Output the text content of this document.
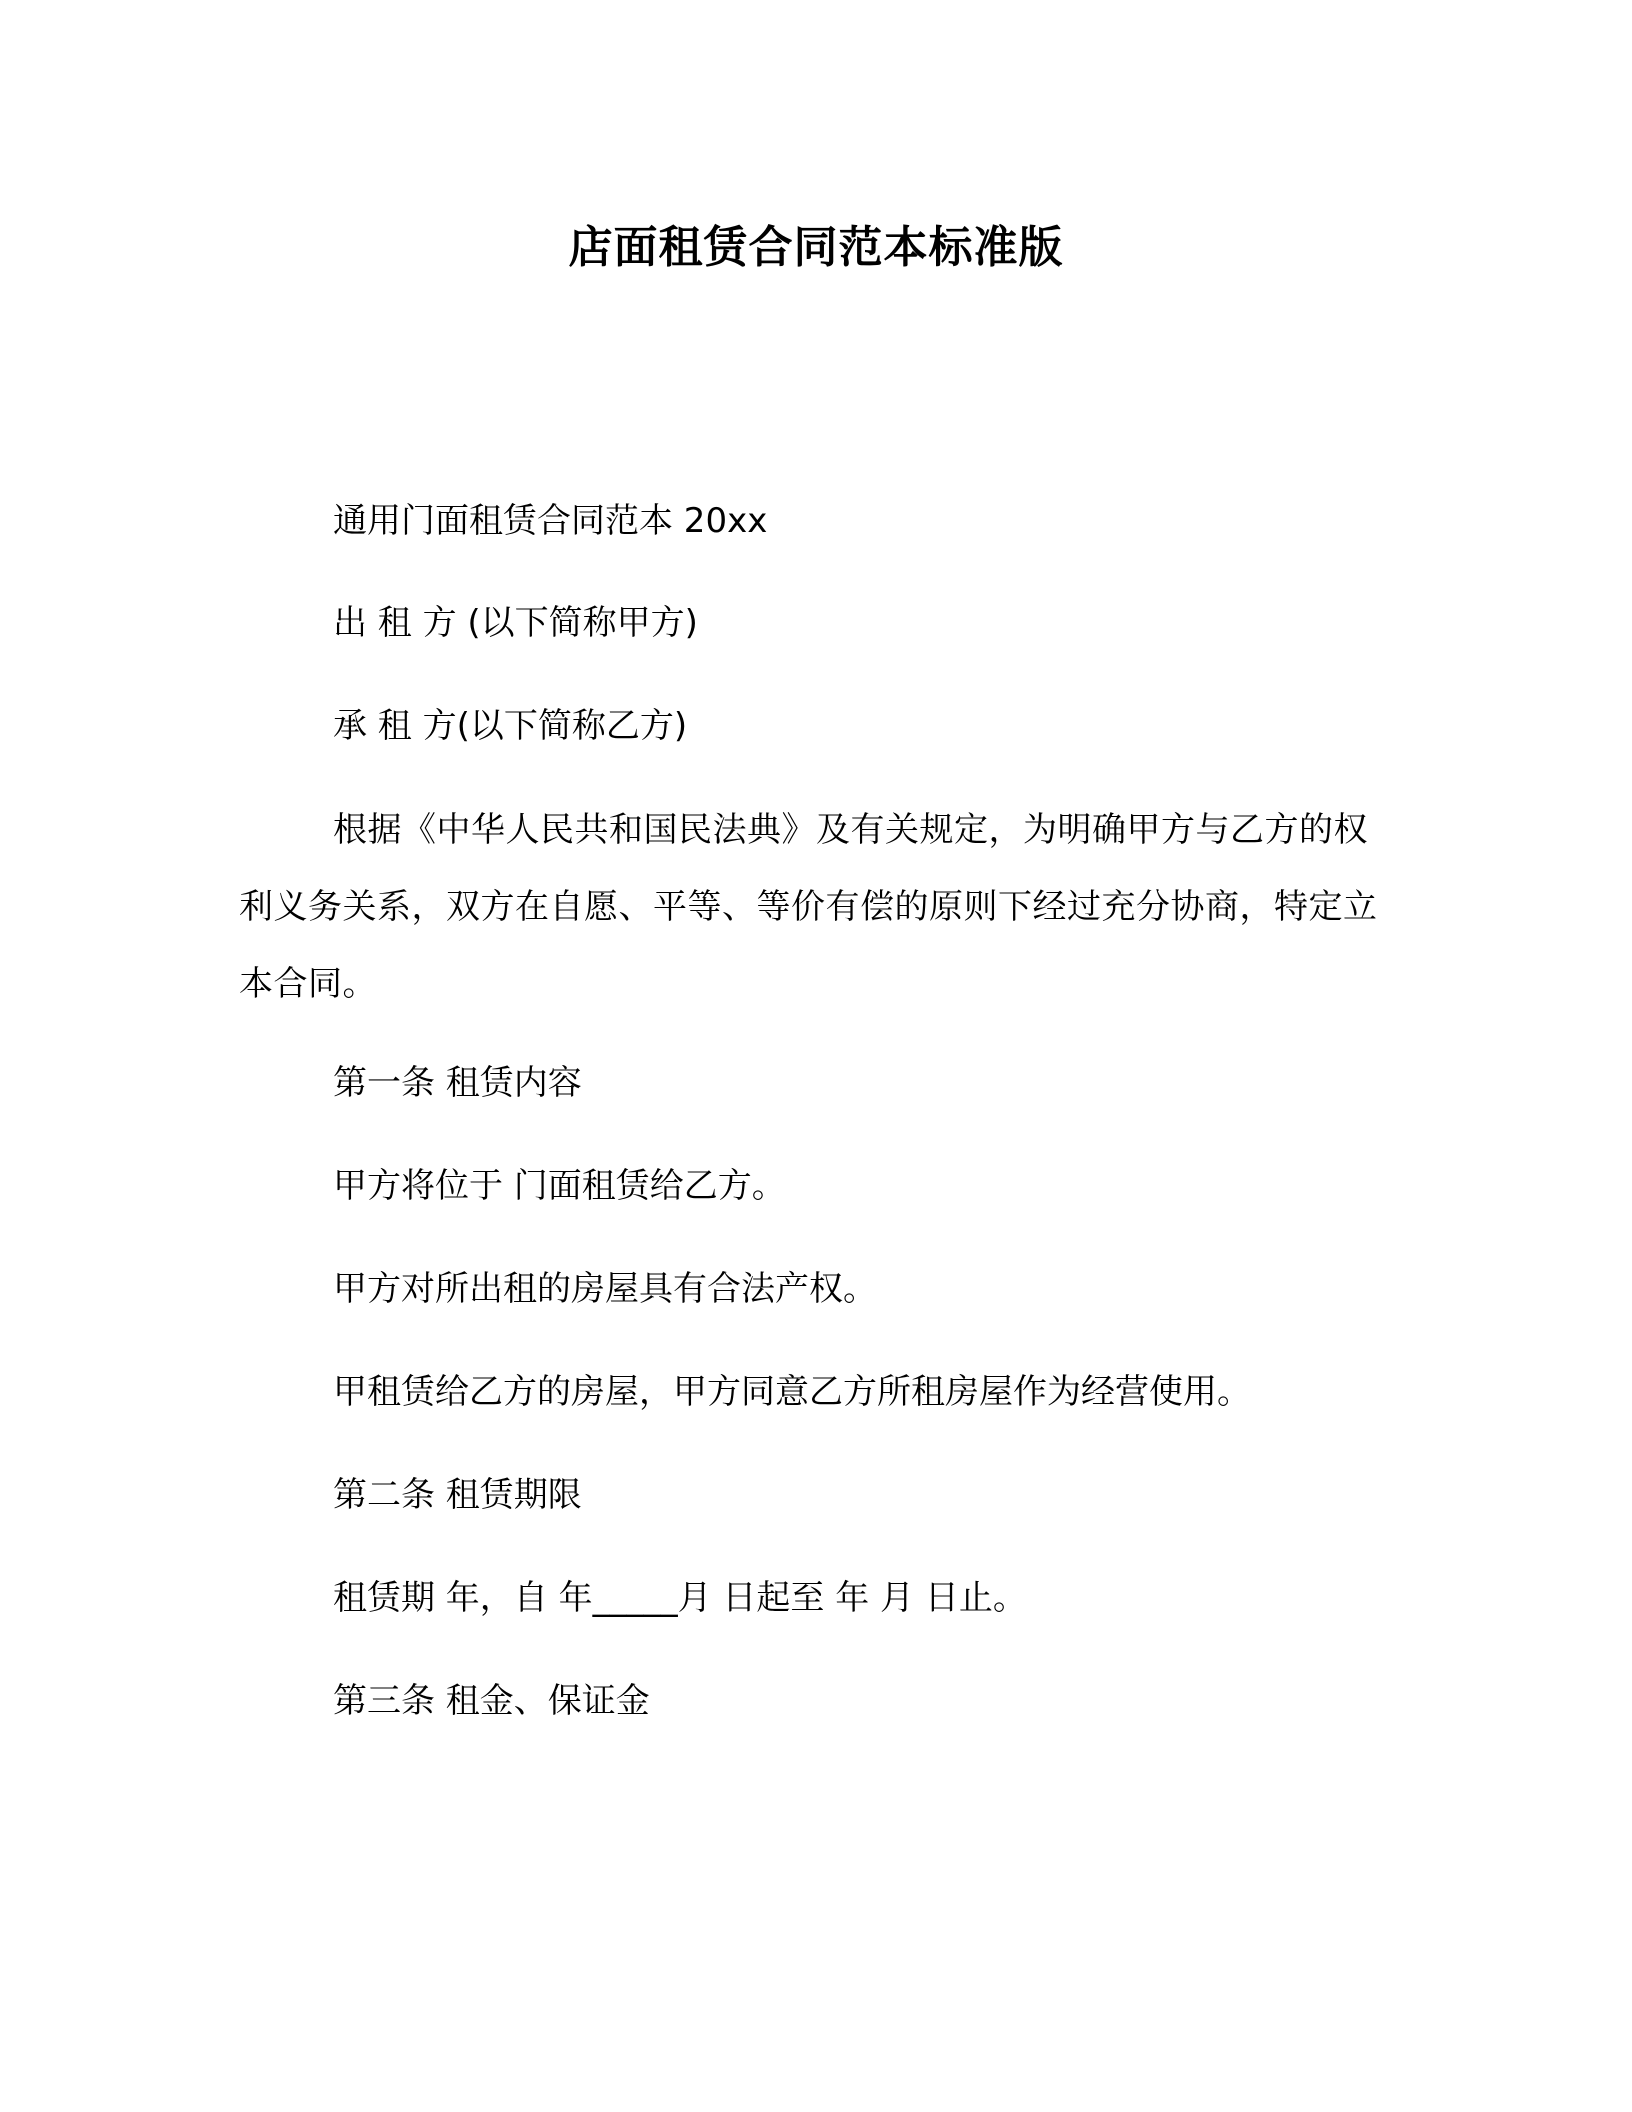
店面租赁合同范本标准版

通用门面租赁合同范本 20xx

出 租 方 (以下简称甲方)

承 租 方(以下简称乙方)

根据《中华人民共和国民法典》及有关规定，为明确甲方与乙方的权利义务关系，双方在自愿、平等、等价有偿的原则下经过充分协商，特定立本合同。

第一条 租赁内容

甲方将位于 门面租赁给乙方。

甲方对所出租的房屋具有合法产权。

甲租赁给乙方的房屋，甲方同意乙方所租房屋作为经营使用。

第二条 租赁期限

租赁期 年，自 年_____月 日起至 年 月 日止。

第三条 租金、保证金
